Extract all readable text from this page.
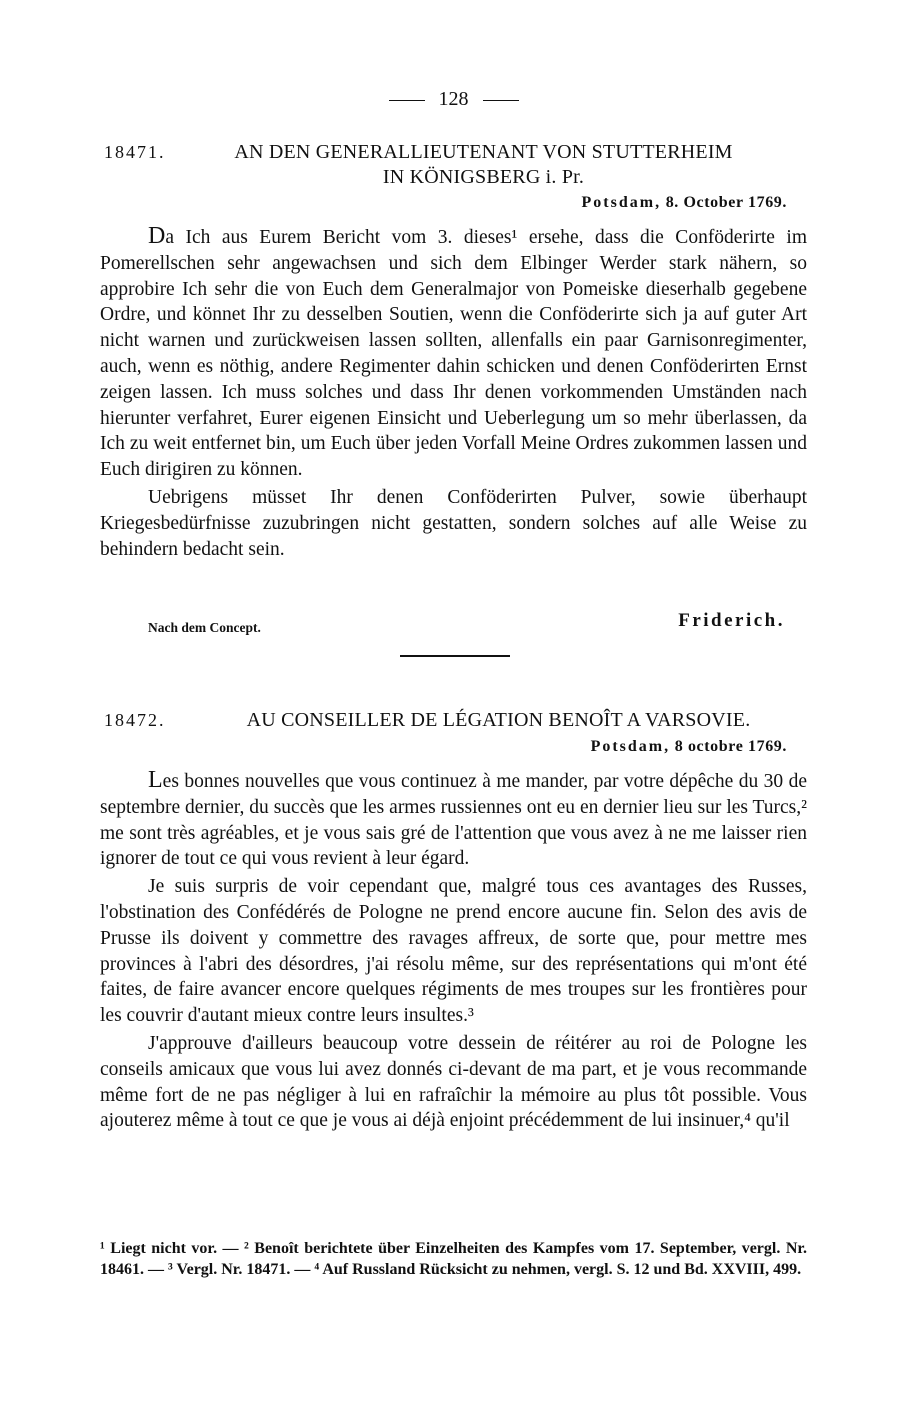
128
18471.	AN DEN GENERALLIEUTENANT VON STUTTERHEIM
IN KÖNIGSBERG i. Pr.
Potsdam, 8. October 1769.

Da Ich aus Eurem Bericht vom 3. dieses¹ ersehe, dass die Conföderirte im Pomerellschen sehr angewachsen und sich dem Elbinger Werder stark nähern, so approbire Ich sehr die von Euch dem Generalmajor von Pomeiske dieserhalb gegebene Ordre, und könnet Ihr zu desselben Soutien, wenn die Conföderirte sich ja auf guter Art nicht warnen und zurückweisen lassen sollten, allenfalls ein paar Garnisonregimenter, auch, wenn es nöthig, andere Regimenter dahin schicken und denen Conföderirten Ernst zeigen lassen. Ich muss solches und dass Ihr denen vorkommenden Umständen nach hierunter verfahret, Eurer eigenen Einsicht und Ueberlegung um so mehr überlassen, da Ich zu weit entfernet bin, um Euch über jeden Vorfall Meine Ordres zukommen lassen und Euch dirigiren zu können.

Uebrigens müsset Ihr denen Conföderirten Pulver, sowie überhaupt Kriegesbedürfnisse zuzubringen nicht gestatten, sondern solches auf alle Weise zu behindern bedacht sein.

Nach dem Concept.	Friderich.
18472.	AU CONSEILLER DE LÉGATION BENOÎT A VARSOVIE.
Potsdam, 8 octobre 1769.

Les bonnes nouvelles que vous continuez à me mander, par votre dépêche du 30 de septembre dernier, du succès que les armes russiennes ont eu en dernier lieu sur les Turcs,² me sont très agréables, et je vous sais gré de l'attention que vous avez à ne me laisser rien ignorer de tout ce qui vous revient à leur égard.

Je suis surpris de voir cependant que, malgré tous ces avantages des Russes, l'obstination des Confédérés de Pologne ne prend encore aucune fin. Selon des avis de Prusse ils doivent y commettre des ravages affreux, de sorte que, pour mettre mes provinces à l'abri des désordres, j'ai résolu même, sur des représentations qui m'ont été faites, de faire avancer encore quelques régiments de mes troupes sur les frontières pour les couvrir d'autant mieux contre leurs insultes.³

J'approuve d'ailleurs beaucoup votre dessein de réitérer au roi de Pologne les conseils amicaux que vous lui avez donnés ci-devant de ma part, et je vous recommande même fort de ne pas négliger à lui en rafraîchir la mémoire au plus tôt possible. Vous ajouterez même à tout ce que je vous ai déjà enjoint précédemment de lui insinuer,⁴ qu'il

¹ Liegt nicht vor. — ² Benoît berichtete über Einzelheiten des Kampfes vom 17. September, vergl. Nr. 18461. — ³ Vergl. Nr. 18471. — ⁴ Auf Russland Rücksicht zu nehmen, vergl. S. 12 und Bd. XXVIII, 499.
